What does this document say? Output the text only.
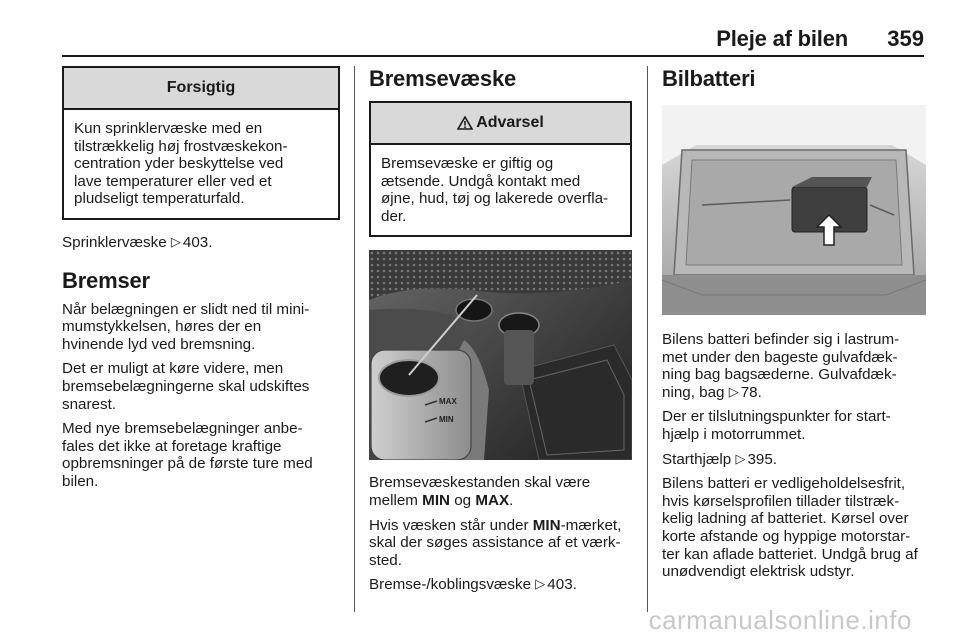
Pleje af bilen 359
Forsigtig

Kun sprinklervæske med en
tilstrækkelig høj frostvæskekon-
centration yder beskyttelse ved
lave temperaturer eller ved et
pludseligt temperaturfald.

Sprinklervæske ▷ 403.

Bremser

Når belægningen er slidt ned til mini-
mumstykkelsen, høres der en
hvinende lyd ved bremsning.

Det er muligt at køre videre, men
bremsebelægningerne skal udskiftes
snarest.

Med nye bremsebelægninger anbe-
fales det ikke at foretage kraftige
opbremsninger på de første ture med
bilen.

Bremsevæske
Advarsel

Bremsevæske er giftig og
ætsende. Undgå kontakt med
øjne, hud, tøj og lakerede overfla-
der.

MAX
MIN

Bremsevæskestanden skal være
mellem MIN og MAX.

Hvis væsken står under MIN-mærket,
skal der søges assistance af et værk-
sted.

Bremse-/koblingsvæske ▷ 403.

Bilbatteri

Bilens batteri befinder sig i lastrum-
met under den bageste gulvafdæk-
ning bag bagsæderne. Gulvafdæk-
ning, bag ▷ 78.

Der er tilslutningspunkter for start-
hjælp i motorrummet.

Starthjælp ▷ 395.

Bilens batteri er vedligeholdelsesfrit,
hvis kørselsprofilen tillader tilstræk-
kelig ladning af batteriet. Kørsel over
korte afstande og hyppige motorstar-
ter kan aflade batteriet. Undgå brug af
unødvendigt elektrisk udstyr.

carmanualsonline.info
